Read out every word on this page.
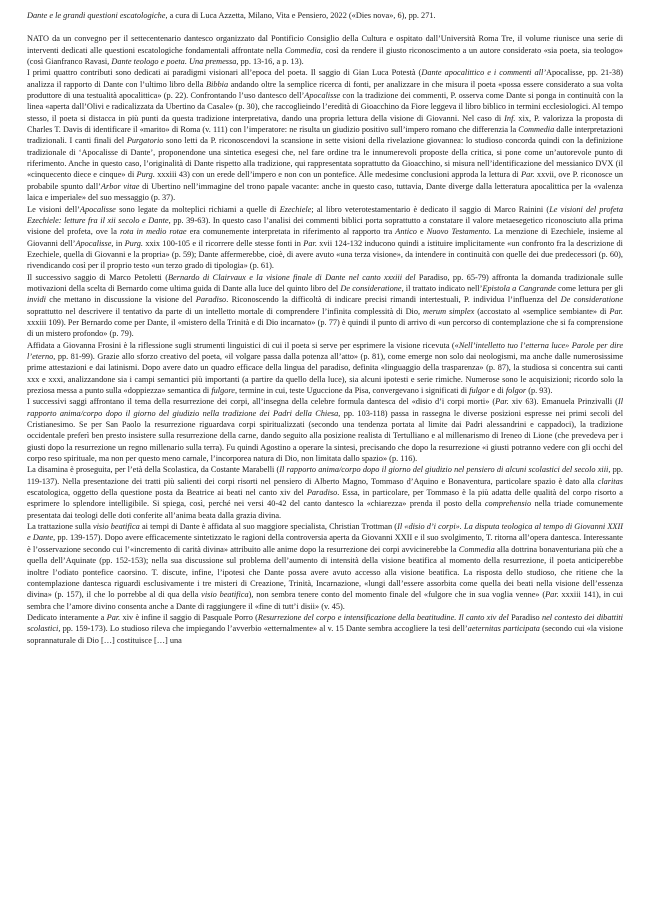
Dante e le grandi questioni escatologiche, a cura di Luca Azzetta, Milano, Vita e Pensiero, 2022 («Dies nova», 6), pp. 271.

NATO da un convegno per il settecentenario dantesco organizzato dal Pontificio Consiglio della Cultura e ospitato dall’Università Roma Tre, il volume riunisce una serie di interventi dedicati alle questioni escatologiche fondamentali affrontate nella Commedia, così da rendere il giusto riconoscimento a un autore considerato «sia poeta, sia teologo» (così Gianfranco Ravasi, Dante teologo e poeta. Una premessa, pp. 13-16, a p. 13).

I primi quattro contributi sono dedicati ai paradigmi visionari all’epoca del poeta. Il saggio di Gian Luca Potestà (Dante apocalittico e i commenti all’Apocalisse, pp. 21-38) analizza il rapporto di Dante con l’ultimo libro della Bibbia andando oltre la semplice ricerca di fonti, per analizzare in che misura il poeta «possa essere considerato a sua volta produttore di una testualità apocalittica» (p. 22). Confrontando l’uso dantesco dell’Apocalisse con la tradizione dei commenti, P. osserva come Dante si ponga in continuità con la linea «aperta dall’Olivi e radicalizzata da Ubertino da Casale» (p. 30), che raccoglieindo l’eredità di Gioacchino da Fiore leggeva il libro biblico in termini ecclesiologici. Al tempo stesso, il poeta si distacca in più punti da questa tradizione interpretativa, dando una propria lettura della visione di Giovanni. Nel caso di Inf. xix, P. valorizza la proposta di Charles T. Davis di identificare il «marito» di Roma (v. 111) con l’imperatore: ne risulta un giudizio positivo sull’impero romano che differenzia la Commedia dalle interpretazioni tradizionali. I canti finali del Purgatorio sono letti da P. riconoscendovi la scansione in sette visioni della rivelazione giovannea: lo studioso concorda quindi con la definizione tradizionale di ‘Apocalisse di Dante’, proponendone una sintetica esegesi che, nel fare ordine tra le innumerevoli proposte della critica, si pone come un’autorevole punto di riferimento. Anche in questo caso, l’originalità di Dante rispetto alla tradizione, qui rappresentata soprattutto da Gioacchino, si misura nell’identificazione del messianico DVX (il «cinquecento diece e cinque» di Purg. xxxiii 43) con un erede dell’impero e non con un pontefice. Alle medesime conclusioni approda la lettura di Par. xxvii, ove P. riconosce un probabile spunto dall’Arbor vitae di Ubertino nell’immagine del trono papale vacante: anche in questo caso, tuttavia, Dante diverge dalla letteratura apocalittica per la «valenza laica e imperiale» del suo messaggio (p. 37).

Le visioni dell’Apocalisse sono legate da molteplici richiami a quelle di Ezechiele; al libro veterotestamentario è dedicato il saggio di Marco Rainini (Le visioni del profeta Ezechiele: letture fra il xii secolo e Dante, pp. 39-63). In questo caso l’analisi dei commenti biblici porta soprattutto a constatare il valore metaesegetico riconosciuto alla prima visione del profeta, ove la rota in medio rotae era comunemente interpretata in riferimento al rapporto tra Antico e Nuovo Testamento. La menzione di Ezechiele, insieme al Giovanni dell’Apocalisse, in Purg. xxix 100-105 e il ricorrere delle stesse fonti in Par. xvii 124-132 inducono quindi a istituire implicitamente «un confronto fra la descrizione di Ezechiele, quella di Giovanni e la propria» (p. 59); Dante affermerebbe, cioè, di avere avuto «una terza visione», da intendere in continuità con quelle dei due predecessori (p. 60), rivendicando così per il proprio testo «un terzo grado di tipologia» (p. 61).

Il successivo saggio di Marco Petoletti (Bernardo di Clairvaux e la visione finale di Dante nel canto xxxiii del Paradiso, pp. 65-79) affronta la domanda tradizionale sulle motivazioni della scelta di Bernardo come ultima guida di Dante alla luce del quinto libro del De consideratione, il trattato indicato nell’Epistola a Cangrande come lettura per gli invidi che mettano in discussione la visione del Paradiso. Riconoscendo la difficoltà di indicare precisi rimandi intertestuali, P. individua l’influenza del De consideratione soprattutto nel descrivere il tentativo da parte di un intelletto mortale di comprendere l’infinita complessità di Dio, merum simplex (accostato al «semplice sembiante» di Par. xxxiii 109). Per Bernardo come per Dante, il «mistero della Trinità e di Dio incarnato» (p. 77) è quindi il punto di arrivo di «un percorso di contemplazione che si fa comprensione di un mistero profondo» (p. 79).

Affidata a Giovanna Frosini è la riflessione sugli strumenti linguistici di cui il poeta si serve per esprimere la visione ricevuta («Nell’intelletto tuo l’etterna luce» Parole per dire l’eterno, pp. 81-99). Grazie allo sforzo creativo del poeta, «il volgare passa dalla potenza all’atto» (p. 81), come emerge non solo dai neologismi, ma anche dalle numerosissime prime attestazioni e dai latinismi. Dopo avere dato un quadro efficace della lingua del paradiso, definita «linguaggio della trasparenza» (p. 87), la studiosa si concentra sui canti xxx e xxxi, analizzandone sia i campi semantici più importanti (a partire da quello della luce), sia alcuni ipotesti e serie rimiche. Numerose sono le acquisizioni; ricordo solo la preziosa messa a punto sulla «doppiezza» semantica di fulgore, termine in cui, teste Uguccione da Pisa, convergevano i significati di fulgor e di folgor (p. 93).

I successivi saggi affrontano il tema della resurrezione dei corpi, all’insegna della celebre formula dantesca del «disio d’i corpi morti» (Par. xiv 63). Emanuela Prinzivalli (Il rapporto anima/corpo dopo il giorno del giudizio nella tradizione dei Padri della Chiesa, pp. 103-118) passa in rassegna le diverse posizioni espresse nei primi secoli del Cristianesimo. Se per San Paolo la resurrezione riguardava corpi spiritualizzati (secondo una tendenza portata al limite dai Padri alessandrini e cappadoci), la tradizione occidentale preferì ben presto insistere sulla resurrezione della carne, dando seguito alla posizione realista di Tertulliano e al millenarismo di Ireneo di Lione (che prevedeva per i giusti dopo la resurrezione un regno millenario sulla terra). Fu quindi Agostino a operare la sintesi, precisando che dopo la resurrezione «i giusti potranno vedere con gli occhi del corpo reso spirituale, ma non per questo meno carnale, l’incorporea natura di Dio, non limitata dallo spazio» (p. 116).

La disamina è proseguita, per l’età della Scolastica, da Costante Marabelli (Il rapporto anima/corpo dopo il giorno del giudizio nel pensiero di alcuni scolastici del secolo xiii, pp. 119-137). Nella presentazione dei tratti più salienti dei corpi risorti nel pensiero di Alberto Magno, Tommaso d’Aquino e Bonaventura, particolare spazio è dato alla claritas escatologica, oggetto della questione posta da Beatrice ai beati nel canto xiv del Paradiso. Essa, in particolare, per Tommaso è la più adatta delle qualità del corpo risorto a esprimere lo splendore intelligibile. Si spiega, così, perché nei versi 40-42 del canto dantesco la «chiarezza» prenda il posto della comprehensio nella triade comunemente presentata dai teologi delle doti conferite all’anima beata dalla grazia divina.

La trattazione sulla visio beatifica ai tempi di Dante è affidata al suo maggiore specialista, Christian Trottman (Il «disio d’i corpi». La disputa teologica al tempo di Giovanni XXII e Dante, pp. 139-157). Dopo avere efficacemente sintetizzato le ragioni della controversia aperta da Giovanni XXII e il suo svolgimento, T. ritorna all’opera dantesca. Interessante è l’osservazione secondo cui l’«incremento di carità divina» attribuito alle anime dopo la resurrezione dei corpi avvicinerebbe la Commedia alla dottrina bonaventuriana più che a quella dell’Aquinate (pp. 152-153); nella sua discussione sul problema dell’aumento di intensità della visione beatifica al momento della resurrezione, il poeta anticiperebbe inoltre l’odiato pontefice caorsino. T. discute, infine, l’ipotesi che Dante possa avere avuto accesso alla visione beatifica. La risposta dello studioso, che ritiene che la contemplazione dantesca riguardi esclusivamente i tre misteri di Creazione, Trinità, Incarnazione, «lungi dall’essere assorbita come quella dei beati nella visione dell’essenza divina» (p. 157), il che lo porrebbe al di qua della visio beatifica), non sembra tenere conto del momento finale del «fulgore che in sua voglia venne» (Par. xxxiii 141), in cui sembra che l’amore divino consenta anche a Dante di raggiungere il «fine di tutt’i disii» (v. 45).

Dedicato interamente a Par. xiv è infine il saggio di Pasquale Porro (Resurrezione del corpo e intensificazione della beatitudine. Il canto xiv del Paradiso nel contesto dei dibattiti scolastici, pp. 159-173). Lo studioso rileva che impiegando l’avverbio «etternalmente» al v. 15 Dante sembra accogliere la tesi dell’aeternitas participata (secondo cui «la visione soprannaturale di Dio […] costituisce […] una
